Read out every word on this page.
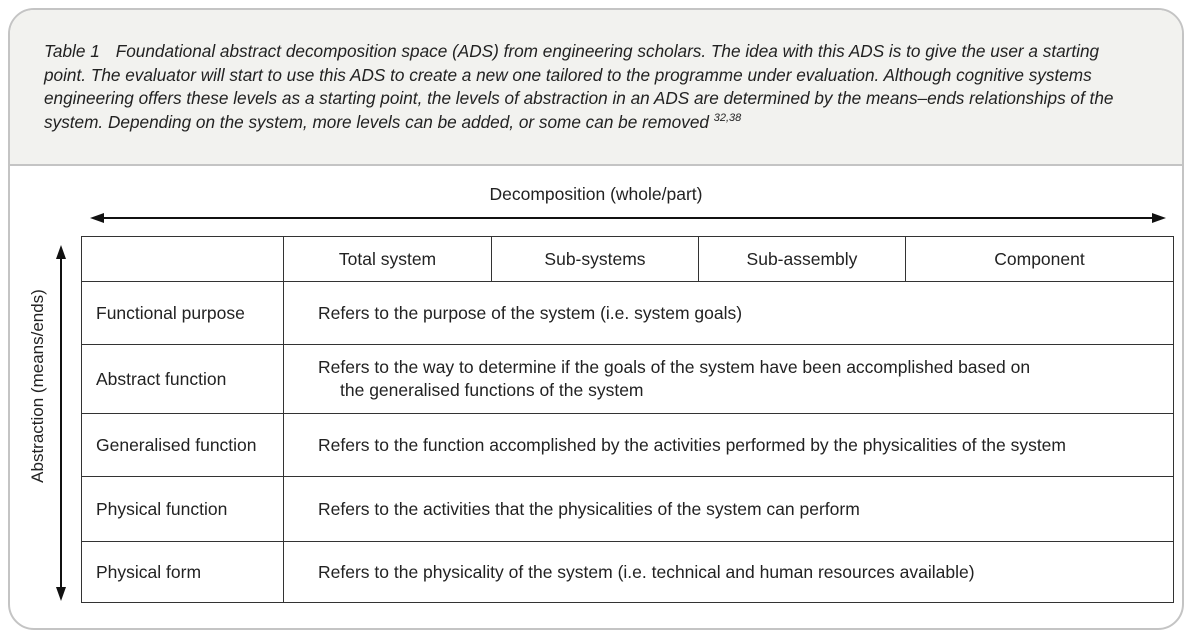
Table 1 Foundational abstract decomposition space (ADS) from engineering scholars. The idea with this ADS is to give the user a starting point. The evaluator will start to use this ADS to create a new one tailored to the programme under evaluation. Although cognitive systems engineering offers these levels as a starting point, the levels of abstraction in an ADS are determined by the means–ends relationships of the system. Depending on the system, more levels can be added, or some can be removed $^{32,38}$
Decomposition (whole/part)
Abstraction (means/ends)
	Total system	Sub-systems	Sub-assembly	Component
Functional purpose	Refers to the purpose of the system (i.e. system goals)			
Abstract function	Refers to the way to determine if the goals of the system have been accomplished based on
the generalised functions of the system			

Generalised function	Refers to the function accomplished by the activities performed by the physicalities of the system			
Physical function	Refers to the activities that the physicalities of the system can perform			
Physical form	Refers to the physicality of the system (i.e. technical and human resources available)			
